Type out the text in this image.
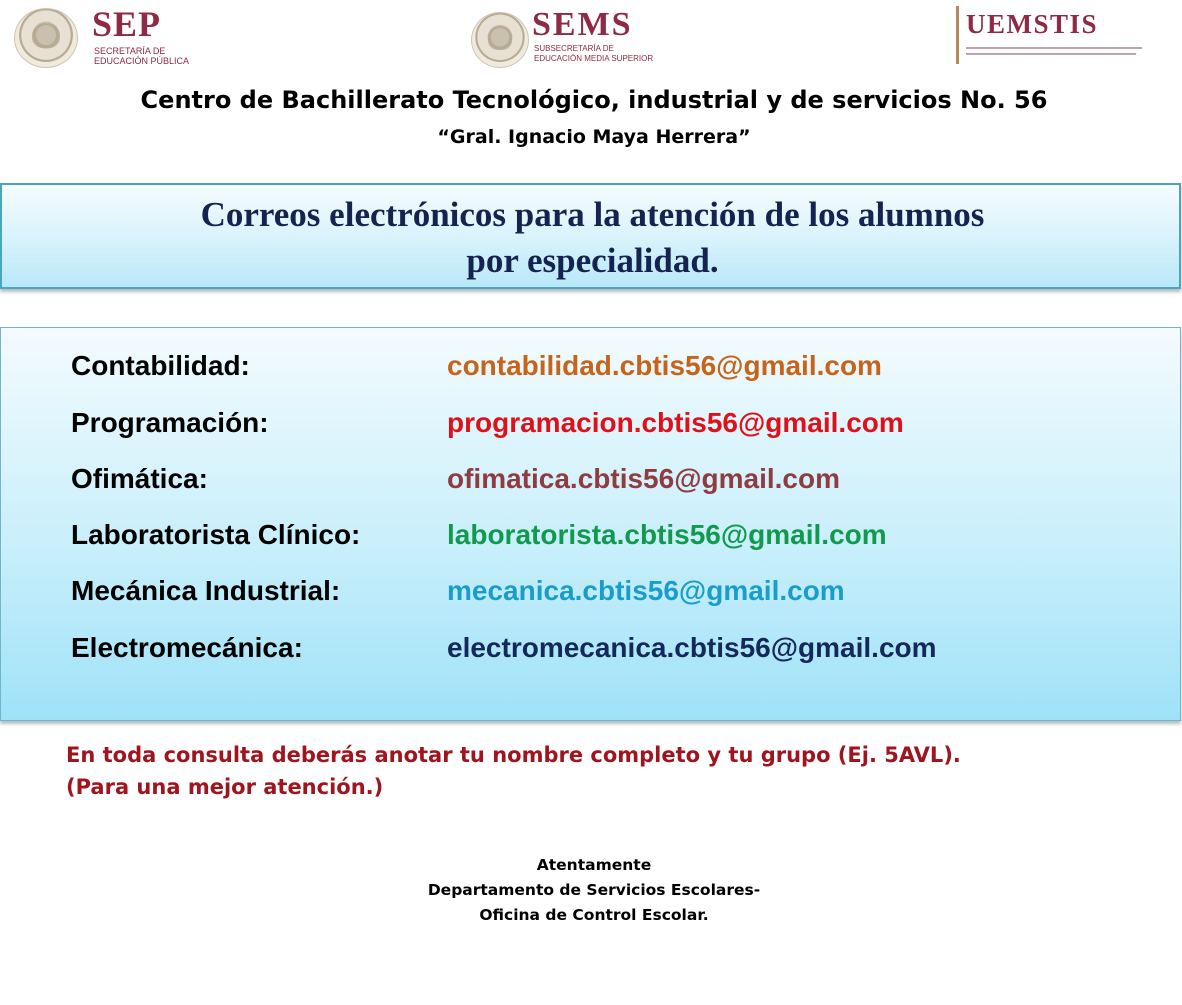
SEP
SECRETARÍA DE
EDUCACIÓN PÚBLICA
SEMS
SUBSECRETARÍA DE
EDUCACIÓN MEDIA SUPERIOR
UEMSTIS
Centro de Bachillerato Tecnológico, industrial y de servicios No. 56
“Gral. Ignacio Maya Herrera”
Correos electrónicos para la atención de los alumnos
por especialidad.
Contabilidad:	contabilidad.cbtis56@gmail.com
Programación:	programacion.cbtis56@gmail.com
Ofimática:	ofimatica.cbtis56@gmail.com
Laboratorista Clínico:	laboratorista.cbtis56@gmail.com
Mecánica Industrial:	mecanica.cbtis56@gmail.com
Electromecánica:	electromecanica.cbtis56@gmail.com
En toda consulta deberás anotar tu nombre completo y tu grupo (Ej. 5AVL).
(Para una mejor atención.)
Atentamente
Departamento de Servicios Escolares-
Oficina de Control Escolar.
